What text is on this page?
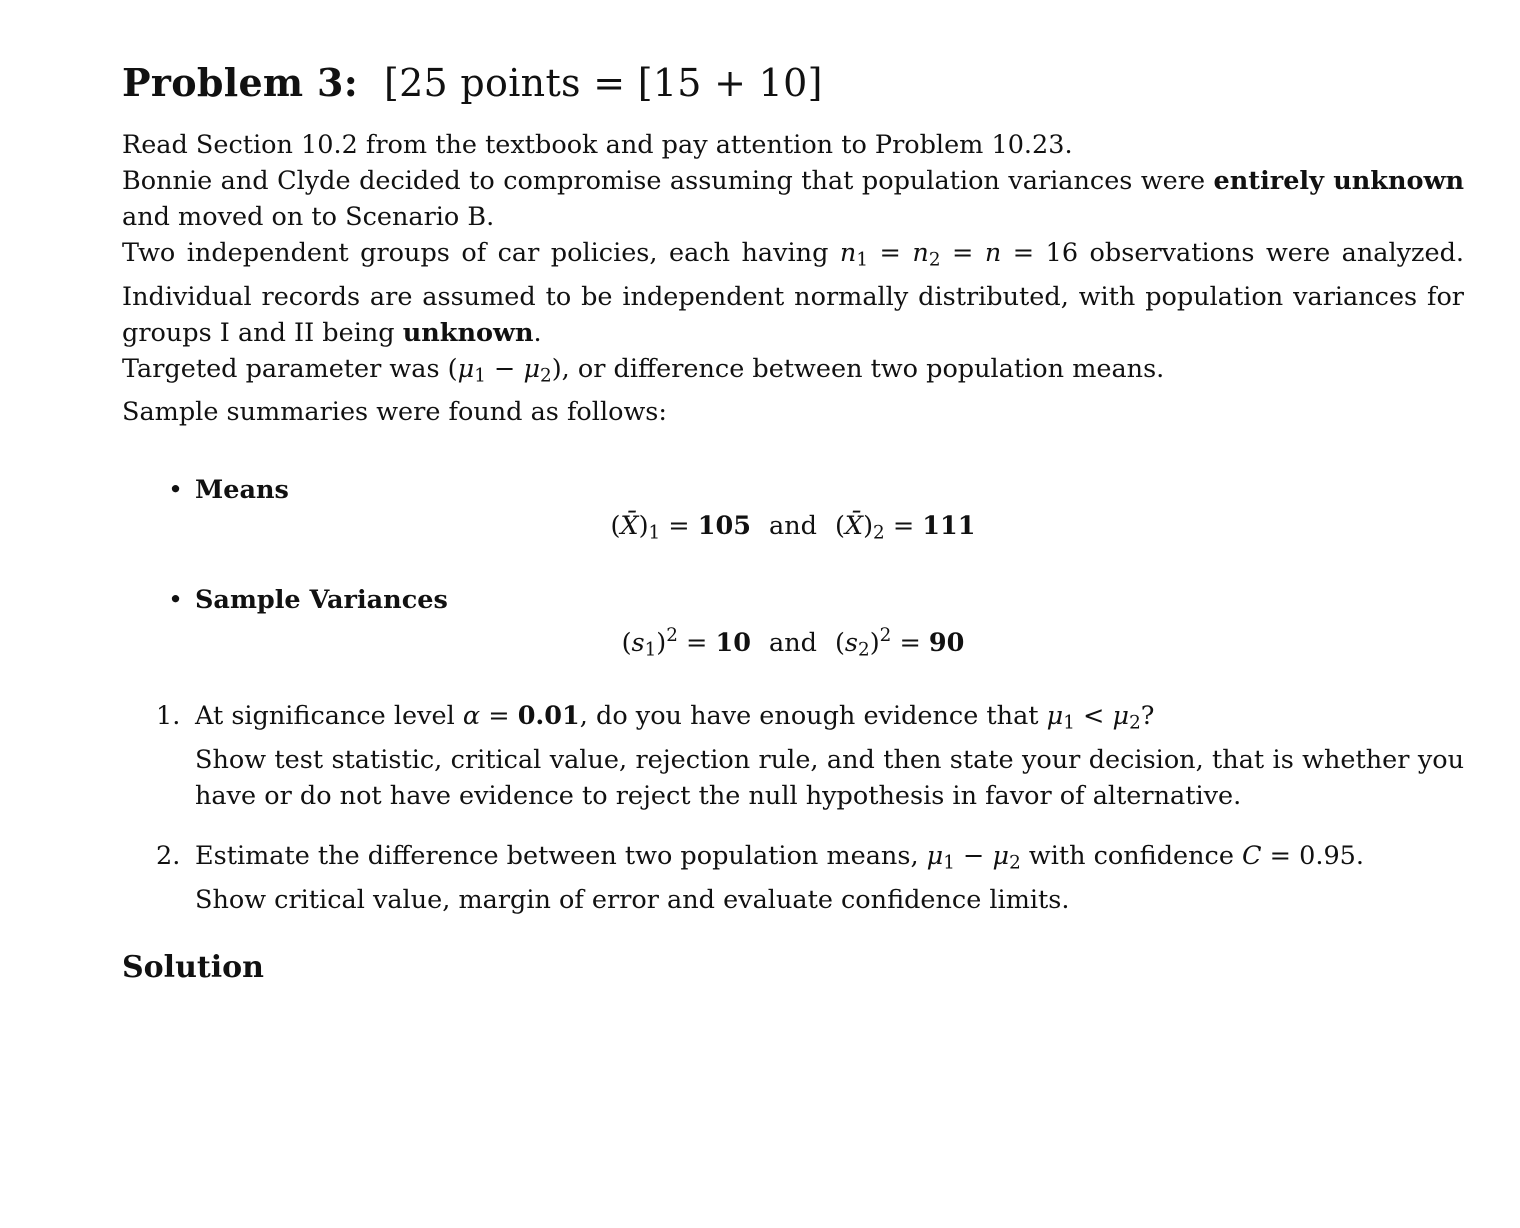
Problem 3: [25 points = [15 + 10]

Read Section 10.2 from the textbook and pay attention to Problem 10.23.

Bonnie and Clyde decided to compromise assuming that population variances were entirely unknown and moved on to Scenario B.

Two independent groups of car policies, each having $n_1 = n_2 = n = 16$ observations were analyzed. Individual records are assumed to be independent normally distributed, with population variances for groups I and II being unknown.

Targeted parameter was $(\mu_1 - \mu_2)$, or difference between two population means.

Sample summaries were found as follows:

• Means
$(X̄)_1 = 105$ and $(X̄)_2 = 111$
• Sample Variances
$(s_1)^2 = 10$ and $(s_2)^2 = 90$
1. At significance level α = 0.01, do you have enough evidence that $\mu_1 < \mu_2$?
Show test statistic, critical value, rejection rule, and then state your decision, that is whether you have or do not have evidence to reject the null hypothesis in favor of alternative.
2. Estimate the difference between two population means, $\mu_1 - \mu_2$ with confidence C = 0.95.
Show critical value, margin of error and evaluate confidence limits.
Solution
